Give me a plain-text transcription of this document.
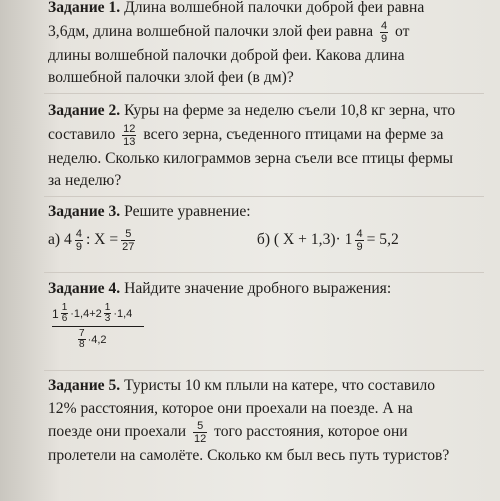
Задание 1. Длина волшебной палочки доброй феи равна
3,6дм, длина волшебной палочки злой феи равна $\frac{4}{9}$ от
длины волшебной палочки доброй феи. Какова длина
волшебной палочки злой феи (в дм)?
Задание 2. Куры на ферме за неделю съели 10,8 кг зерна, что
составило $\frac{12}{13}$ всего зерна, съеденного птицами на ферме за
неделю. Сколько килограммов зерна съели все птицы фермы
за неделю?
Задание 3. Решите уравнение:
а) $4 \frac{4}{9}$ : $Х = \frac{5}{27}$	б) ( $Х + 1,3)\cdot 1 \frac{4}{9} = 5,2$
Задание 4. Найдите значение дробного выражения:
$1 \frac{1}{6} \cdot 1,4+2 \frac{1}{3} \cdot 1,4$
$\frac{7}{8} \cdot 4,2$
Задание 5. Туристы 10 км плыли на катере, что составило
12% расстояния, которое они проехали на поезде. А на
поезде они проехали $\frac{5}{12}$ того расстояния, которое они
пролетели на самолёте. Сколько км был весь путь туристов?
